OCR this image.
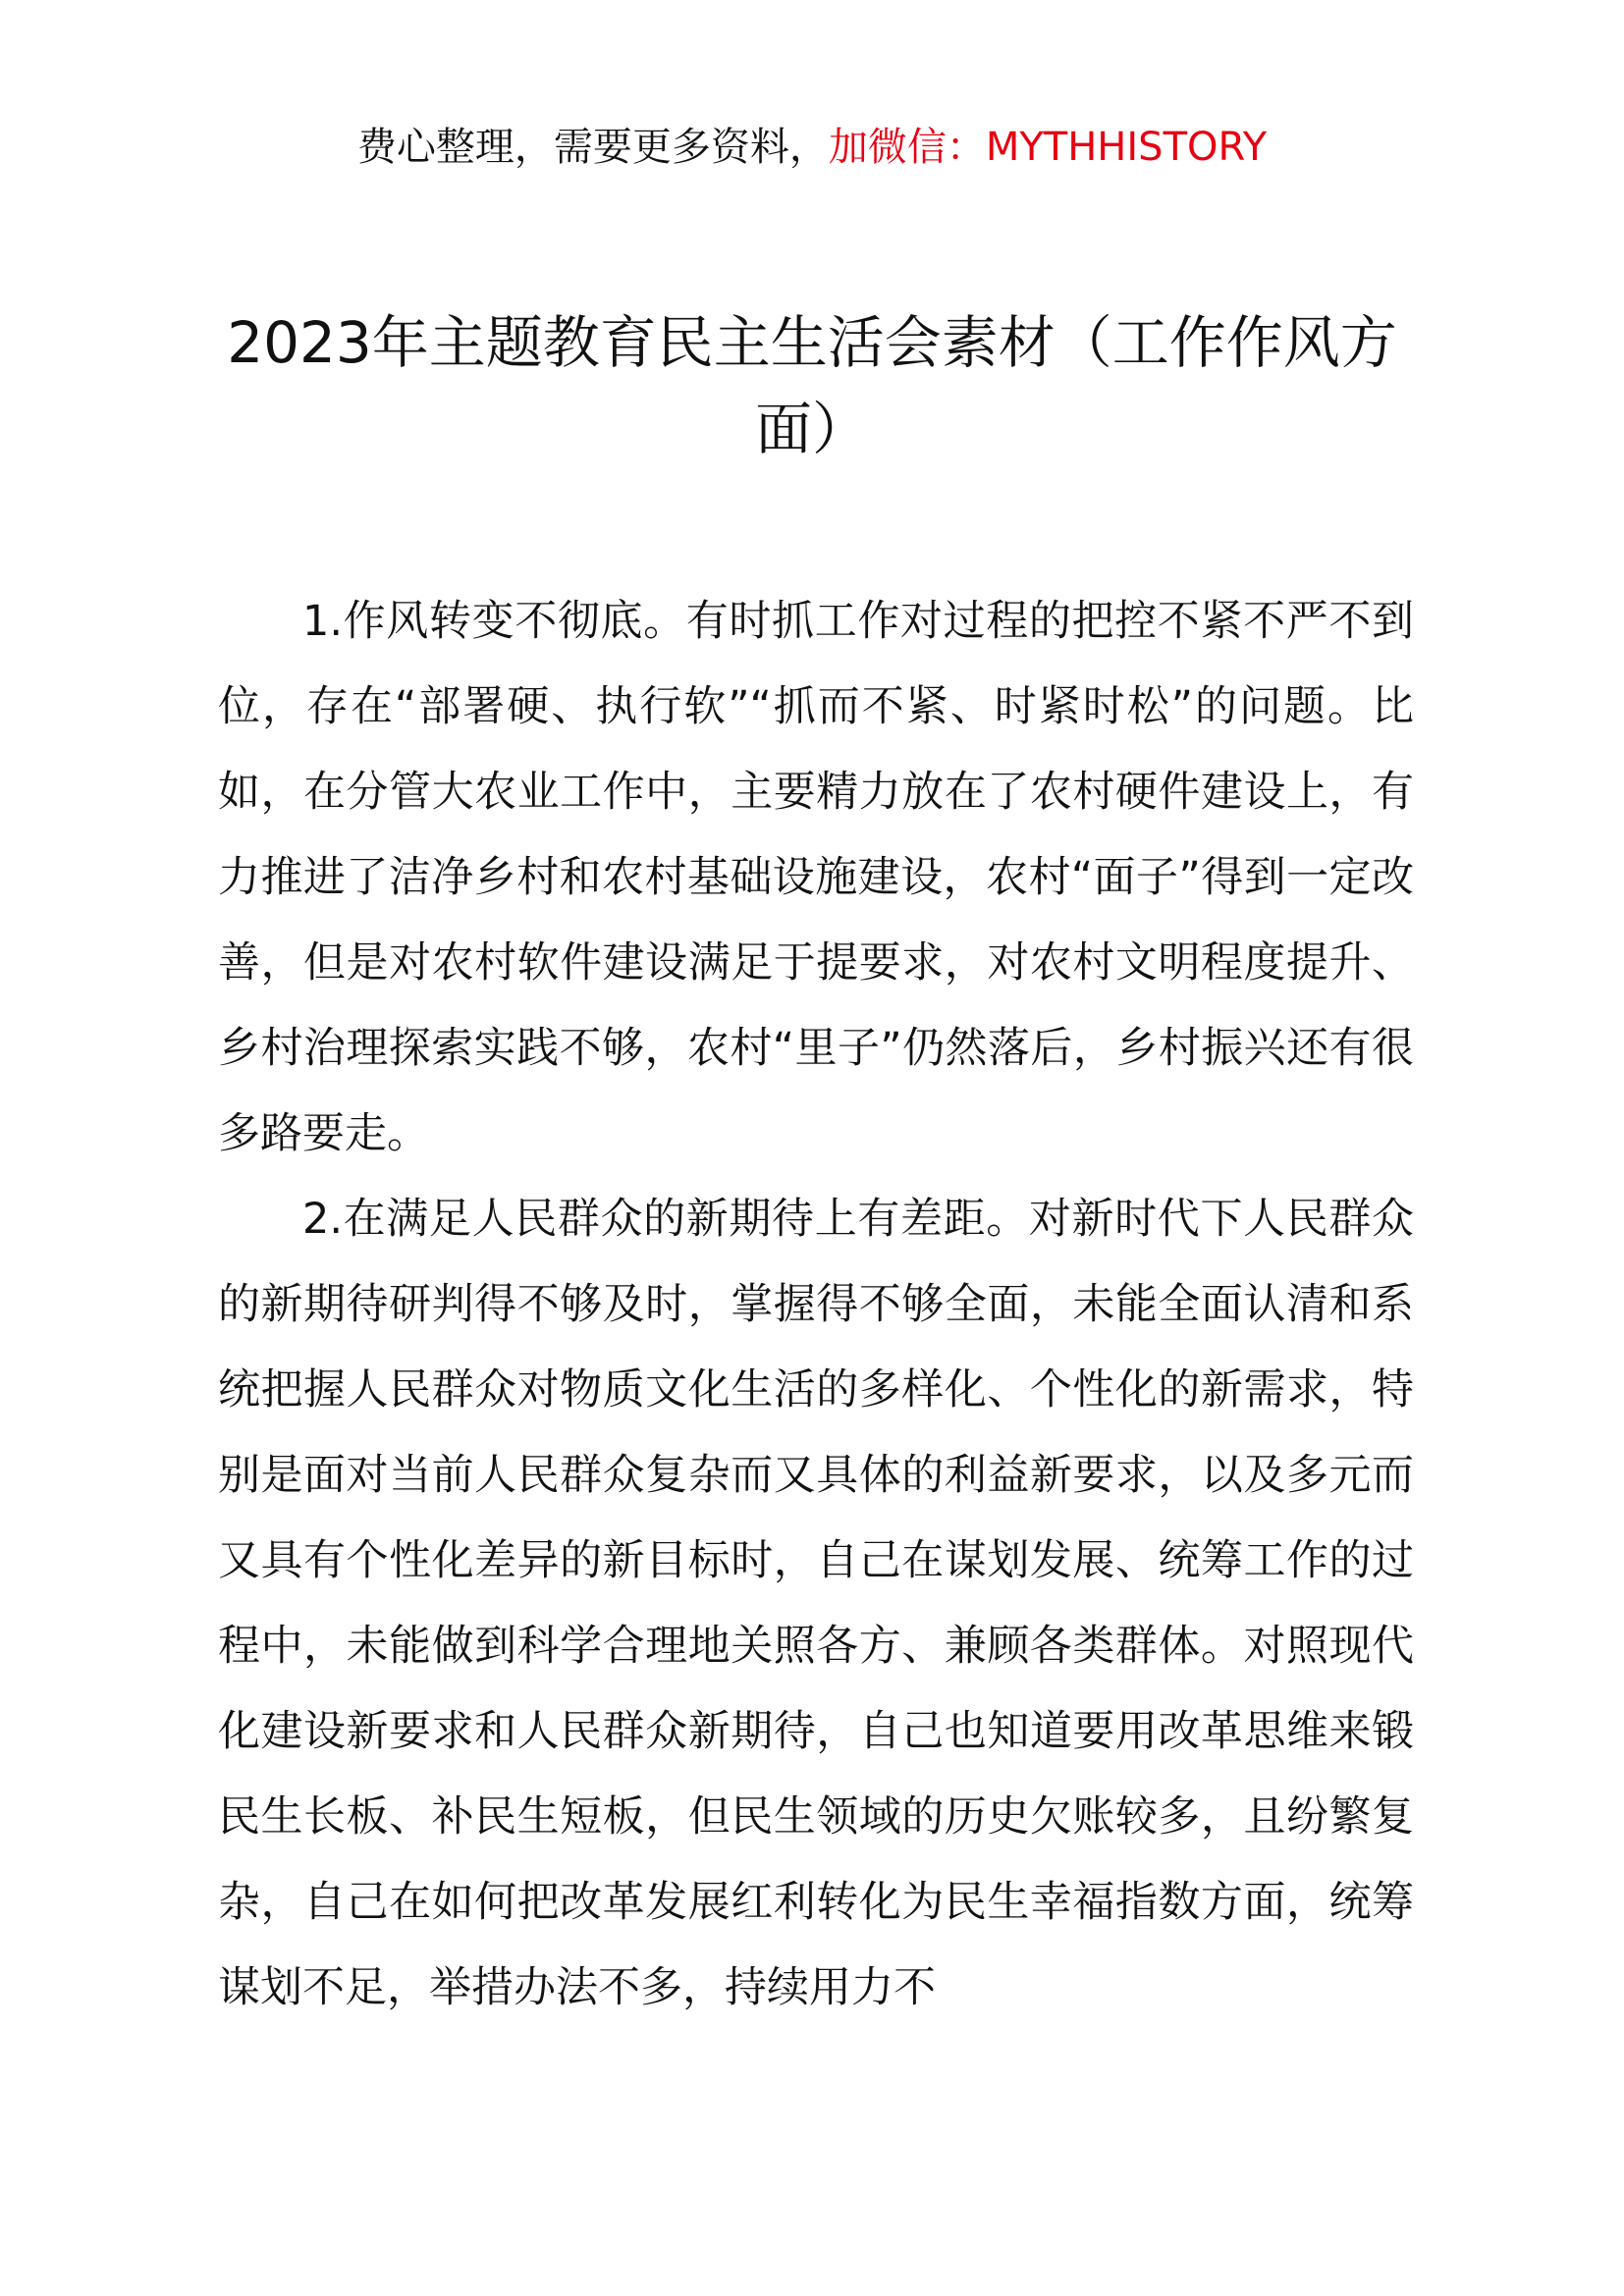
费心整理，需要更多资料，加微信：MYTHHISTORY
2023年主题教育民主生活会素材（工作作风方面）

1.作风转变不彻底。有时抓工作对过程的把控不紧不严不到位，存在“部署硬、执行软”“抓而不紧、时紧时松”的问题。比如，在分管大农业工作中，主要精力放在了农村硬件建设上，有力推进了洁净乡村和农村基础设施建设，农村“面子”得到一定改善，但是对农村软件建设满足于提要求，对农村文明程度提升、乡村治理探索实践不够，农村“里子”仍然落后，乡村振兴还有很多路要走。

2.在满足人民群众的新期待上有差距。对新时代下人民群众的新期待研判得不够及时，掌握得不够全面，未能全面认清和系统把握人民群众对物质文化生活的多样化、个性化的新需求，特别是面对当前人民群众复杂而又具体的利益新要求，以及多元而又具有个性化差异的新目标时，自己在谋划发展、统筹工作的过程中，未能做到科学合理地关照各方、兼顾各类群体。对照现代化建设新要求和人民群众新期待，自己也知道要用改革思维来锻民生长板、补民生短板，但民生领域的历史欠账较多，且纷繁复杂，自己在如何把改革发展红利转化为民生幸福指数方面，统筹谋划不足，举措办法不多，持续用力不
